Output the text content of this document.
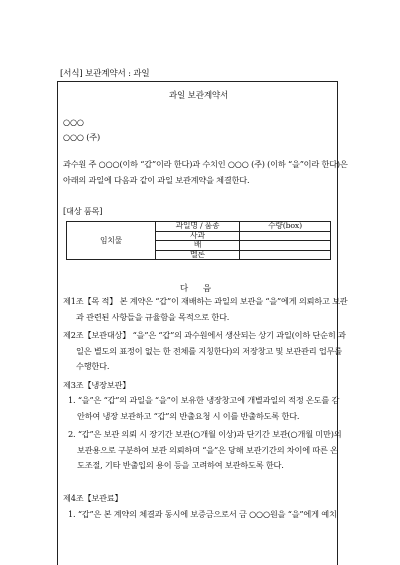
[서식] 보관계약서 : 과일
과일 보관계약서
○○○
○○○ (주)
과수원 주 ○○○(이하 “갑”이라 한다)과 수치인 ○○○ (주) (이하 “을”이라 한다)은
아래의 과일에 다음과 같이 과일 보관계약을 체결한다.
[대상 품목]
임치물	과일명 / 품종	수량(box)
	사과	
	배	
	멜론	
다 음
제1조【목 적】 본 계약은 “갑”이 재배하는 과일의 보관을 “을”에게 의뢰하고 보관과 관련된 사항들을 규율함을 목적으로 한다.
제2조【보관대상】 “을”은 “갑”의 과수원에서 생산되는 상기 과일(이하 단순히 과일은 별도의 표정이 없는 한 전체를 지칭한다)의 저장창고 및 보관관리 업무를 수행한다.
제3조【냉장보관】
1. “을”은 “갑”의 과일을 “을”이 보유한 냉장창고에 개별과일의 적정 온도를 감안하여 냉장 보관하고 “갑”의 반출요청 시 이를 반출하도록 한다.
2. “갑”은 보관 의뢰 시 장기간 보관(○개월 이상)과 단기간 보관(○개월 미만)의 보관용으로 구분하여 보관 의뢰하며 “을”은 당해 보관기간의 차이에 따른 온도조절, 기타 반출입의 용이 등을 고려하여 보관하도록 한다.
제4조【보관료】
1. “갑”은 본 계약의 체결과 동시에 보증금으로서 금 ○○○원을 “을”에게 예치
